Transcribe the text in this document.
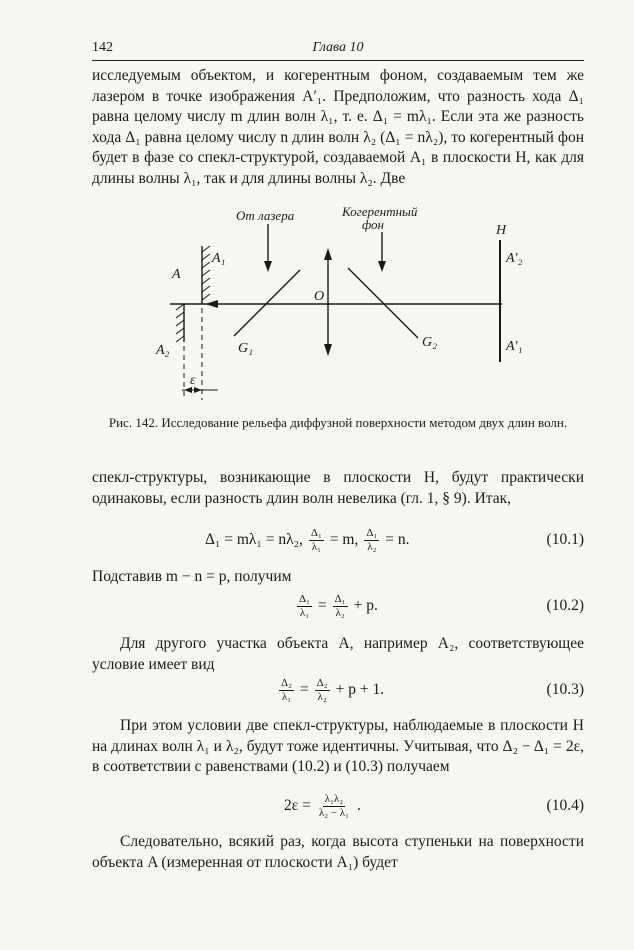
142	Глава 10

исследуемым объектом, и когерентным фоном, создаваемым тем же лазером в точке изображения A′₁. Предположим, что разность хода Δ₁ равна целому числу m длин волн λ₁, т. е. Δ₁ = mλ₁. Если эта же разность хода Δ₁ равна целому числу n длин волн λ₂ (Δ₁ = nλ₂), то когерентный фон будет в фазе со спекл-структурой, создаваемой A₁ в плоскости H, как для длины волны λ₁, так и для длины волны λ₂. Две

От лазера	Когерентный
фон
A
A₁
A₂
O
G₁	G₂
H
A′₂
A′₁
ε

Рис. 142. Исследование рельефа диффузной поверхности методом двух длин волн.

спекл-структуры, возникающие в плоскости H, будут практически одинаковы, если разность длин волн невелика (гл. 1, § 9). Итак,

Δ₁ = mλ₁ = nλ₂, $\frac{\text{Δ₁}}{\text{λ₁}} = m$, $\frac{\text{Δ₁}}{\text{λ₂}} = n$.	(10.1)

Подставив m − n = p, получим

$\frac{\text{Δ₁}}{\text{λ₁}} = \frac{\text{Δ₁}}{\text{λ₂}} + p$.	(10.2)

Для другого участка объекта A, например A₂, соответствующее условие имеет вид

$\frac{\text{Δ₂}}{\text{λ₁}} = \frac{\text{Δ₂}}{\text{λ₂}} + p + 1$.	(10.3)

При этом условии две спекл-структуры, наблюдаемые в плоскости H на длинах волн λ₁ и λ₂, будут тоже идентичны. Учитывая, что Δ₂ − Δ₁ = 2ε, в соответствии с равенствами (10.2) и (10.3) получаем

$2\varepsilon = \frac{\text{λ₁λ₂}}{\text{λ₂ − λ₁}}$ .	(10.4)

Следовательно, всякий раз, когда высота ступеньки на поверхности объекта A (измеренная от плоскости A₁) будет
